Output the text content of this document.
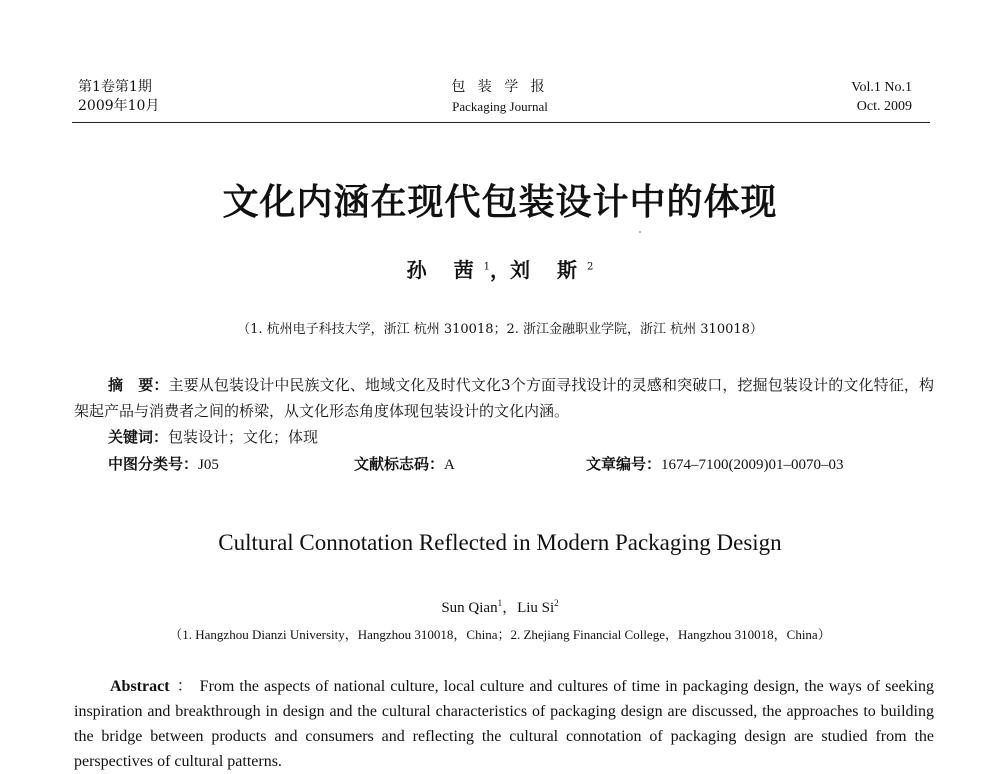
第1卷第1期
2009年10月
包 装 学 报
Packaging Journal
Vol.1 No.1
Oct. 2009
文化内涵在现代包装设计中的体现
孙 茜$^1$，刘 斯$^2$
（1. 杭州电子科技大学，浙江 杭州 310018；2. 浙江金融职业学院，浙江 杭州 310018）
摘　要：主要从包装设计中民族文化、地域文化及时代文化3个方面寻找设计的灵感和突破口，挖掘包装设计的文化特征，构架起产品与消费者之间的桥梁，从文化形态角度体现包装设计的文化内涵。
关键词：包装设计；文化；体现
中图分类号：J05	文献标志码：A	文章编号：1674–7100(2009)01–0070–03
Cultural Connotation Reflected in Modern Packaging Design
Sun Qian$^1$，Liu Si$^2$
（1. Hangzhou Dianzi University，Hangzhou 310018，China；2. Zhejiang Financial College，Hangzhou 310018，China）
Abstract ： From the aspects of national culture, local culture and cultures of time in packaging design, the ways of seeking inspiration and breakthrough in design and the cultural characteristics of packaging design are discussed, the approaches to building the bridge between products and consumers and reflecting the cultural connotation of packaging design are studied from the perspectives of cultural patterns.
